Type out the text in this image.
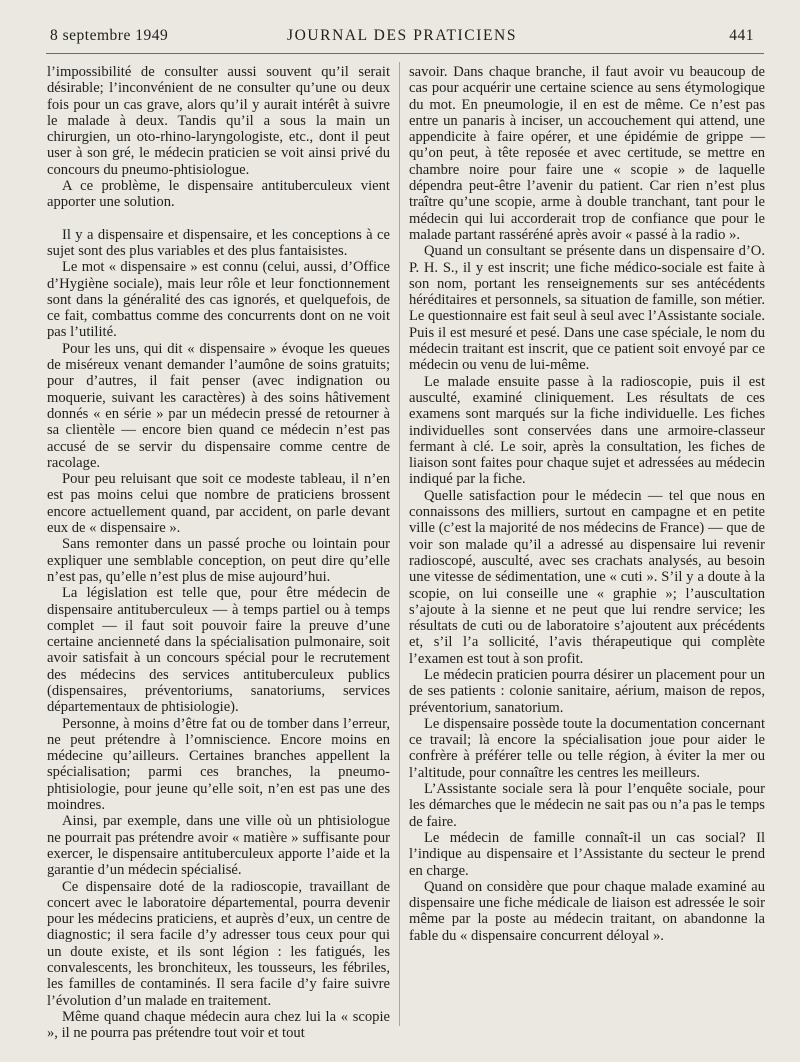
8 septembre 1949	JOURNAL DES PRATICIENS	441

l’impossibilité de consulter aussi souvent qu’il serait désirable; l’inconvénient de ne consulter qu’une ou deux fois pour un cas grave, alors qu’il y aurait intérêt à suivre le malade à deux. Tandis qu’il a sous la main un chirurgien, un oto-rhino-laryngologiste, etc., dont il peut user à son gré, le médecin praticien se voit ainsi privé du concours du pneumo-phtisiologue.

A ce problème, le dispensaire antituberculeux vient apporter une solution.

Il y a dispensaire et dispensaire, et les conceptions à ce sujet sont des plus variables et des plus fantaisistes.

Le mot « dispensaire » est connu (celui, aussi, d’Office d’Hygiène sociale), mais leur rôle et leur fonctionnement sont dans la généralité des cas ignorés, et quelquefois, de ce fait, combattus comme des concurrents dont on ne voit pas l’utilité.

Pour les uns, qui dit « dispensaire » évoque les queues de miséreux venant demander l’aumône de soins gratuits; pour d’autres, il fait penser (avec indignation ou moquerie, suivant les caractères) à des soins hâtivement donnés « en série » par un médecin pressé de retourner à sa clientèle — encore bien quand ce médecin n’est pas accusé de se servir du dispensaire comme centre de racolage.

Pour peu reluisant que soit ce modeste tableau, il n’en est pas moins celui que nombre de praticiens brossent encore actuellement quand, par accident, on parle devant eux de « dispensaire ».

Sans remonter dans un passé proche ou lointain pour expliquer une semblable conception, on peut dire qu’elle n’est pas, qu’elle n’est plus de mise aujourd’hui.

La législation est telle que, pour être médecin de dispensaire antituberculeux — à temps partiel ou à temps complet — il faut soit pouvoir faire la preuve d’une certaine ancienneté dans la spécialisation pulmonaire, soit avoir satisfait à un concours spécial pour le recrutement des médecins des services antituberculeux publics (dispensaires, préventoriums, sanatoriums, services départementaux de phtisiologie).

Personne, à moins d’être fat ou de tomber dans l’erreur, ne peut prétendre à l’omniscience. Encore moins en médecine qu’ailleurs. Certaines branches appellent la spécialisation; parmi ces branches, la pneumo-phtisiologie, pour jeune qu’elle soit, n’en est pas une des moindres.

Ainsi, par exemple, dans une ville où un phtisiologue ne pourrait pas prétendre avoir « matière » suffisante pour exercer, le dispensaire antituberculeux apporte l’aide et la garantie d’un médecin spécialisé.

Ce dispensaire doté de la radioscopie, travaillant de concert avec le laboratoire départemental, pourra devenir pour les médecins praticiens, et auprès d’eux, un centre de diagnostic; il sera facile d’y adresser tous ceux pour qui un doute existe, et ils sont légion : les fatigués, les convalescents, les bronchiteux, les tousseurs, les fébriles, les familles de contaminés. Il sera facile d’y faire suivre l’évolution d’un malade en traitement.

Même quand chaque médecin aura chez lui la « scopie », il ne pourra pas prétendre tout voir et tout

savoir. Dans chaque branche, il faut avoir vu beaucoup de cas pour acquérir une certaine science au sens étymologique du mot. En pneumologie, il en est de même. Ce n’est pas entre un panaris à inciser, un accouchement qui attend, une appendicite à faire opérer, et une épidémie de grippe — qu’on peut, à tête reposée et avec certitude, se mettre en chambre noire pour faire une « scopie » de laquelle dépendra peut-être l’avenir du patient. Car rien n’est plus traître qu’une scopie, arme à double tranchant, tant pour le médecin qui lui accorderait trop de confiance que pour le malade partant rasséréné après avoir « passé à la radio ».

Quand un consultant se présente dans un dispensaire d’O. P. H. S., il y est inscrit; une fiche médico-sociale est faite à son nom, portant les renseignements sur ses antécédents héréditaires et personnels, sa situation de famille, son métier. Le questionnaire est fait seul à seul avec l’Assistante sociale. Puis il est mesuré et pesé. Dans une case spéciale, le nom du médecin traitant est inscrit, que ce patient soit envoyé par ce médecin ou venu de lui-même.

Le malade ensuite passe à la radioscopie, puis il est ausculté, examiné cliniquement. Les résultats de ces examens sont marqués sur la fiche individuelle. Les fiches individuelles sont conservées dans une armoire-classeur fermant à clé. Le soir, après la consultation, les fiches de liaison sont faites pour chaque sujet et adressées au médecin indiqué par la fiche.

Quelle satisfaction pour le médecin — tel que nous en connaissons des milliers, surtout en campagne et en petite ville (c’est la majorité de nos médecins de France) — que de voir son malade qu’il a adressé au dispensaire lui revenir radioscopé, ausculté, avec ses crachats analysés, au besoin une vitesse de sédimentation, une « cuti ». S’il y a doute à la scopie, on lui conseille une « graphie »; l’auscultation s’ajoute à la sienne et ne peut que lui rendre service; les résultats de cuti ou de laboratoire s’ajoutent aux précédents et, s’il l’a sollicité, l’avis thérapeutique qui complète l’examen est tout à son profit.

Le médecin praticien pourra désirer un placement pour un de ses patients : colonie sanitaire, aérium, maison de repos, préventorium, sanatorium.

Le dispensaire possède toute la documentation concernant ce travail; là encore la spécialisation joue pour aider le confrère à préférer telle ou telle région, à éviter la mer ou l’altitude, pour connaître les centres les meilleurs.

L’Assistante sociale sera là pour l’enquête sociale, pour les démarches que le médecin ne sait pas ou n’a pas le temps de faire.

Le médecin de famille connaît-il un cas social? Il l’indique au dispensaire et l’Assistante du secteur le prend en charge.

Quand on considère que pour chaque malade examiné au dispensaire une fiche médicale de liaison est adressée le soir même par la poste au médecin traitant, on abandonne la fable du « dispensaire concurrent déloyal ».
